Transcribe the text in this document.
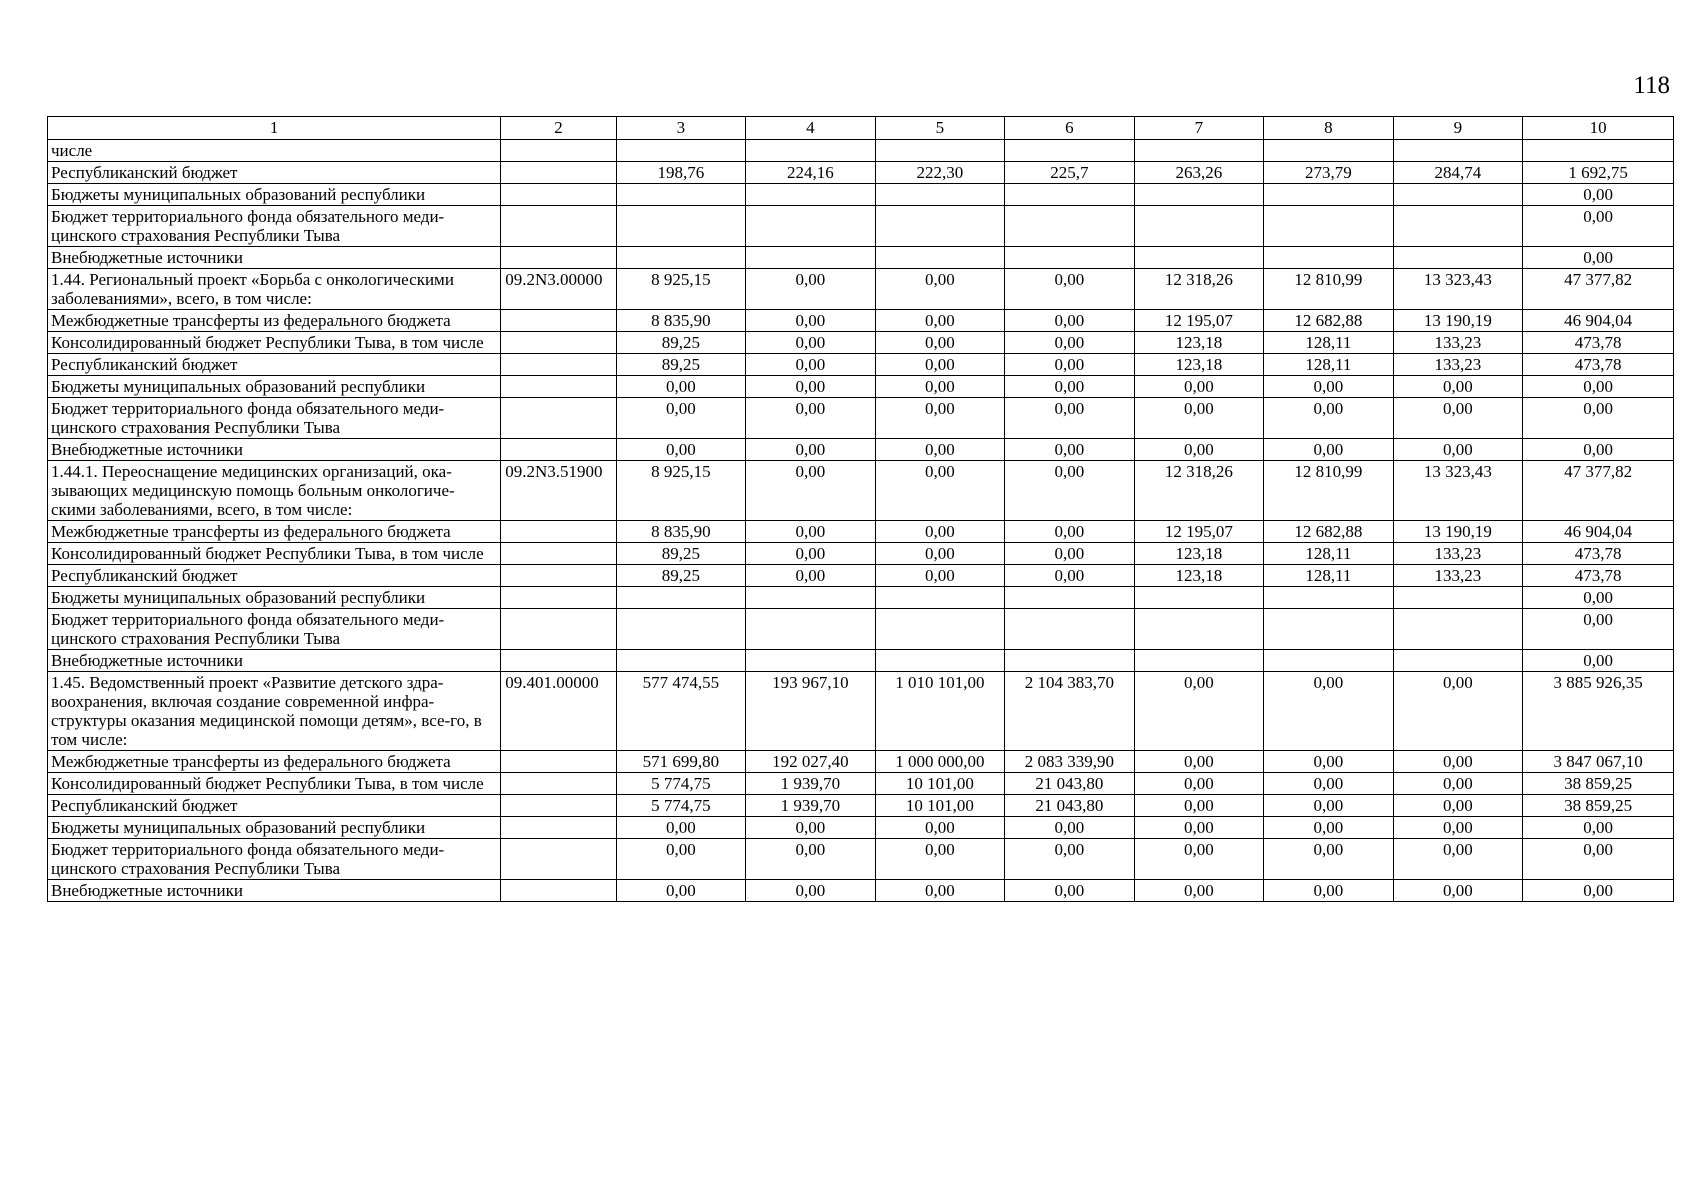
118
1	2	3	4	5	6	7	8	9	10
числе									
Республиканский бюджет		198,76	224,16	222,30	225,7	263,26	273,79	284,74	1 692,75
Бюджеты муниципальных образований республики									0,00
Бюджет территориального фонда обязательного меди-цинского страхования Республики Тыва									0,00
Внебюджетные источники									0,00
1.44. Региональный проект «Борьба с онкологическими заболеваниями», всего, в том числе:	09.2N3.00000	8 925,15	0,00	0,00	0,00	12 318,26	12 810,99	13 323,43	47 377,82
Межбюджетные трансферты из федерального бюджета		8 835,90	0,00	0,00	0,00	12 195,07	12 682,88	13 190,19	46 904,04
Консолидированный бюджет Республики Тыва, в том числе		89,25	0,00	0,00	0,00	123,18	128,11	133,23	473,78
Республиканский бюджет		89,25	0,00	0,00	0,00	123,18	128,11	133,23	473,78
Бюджеты муниципальных образований республики		0,00	0,00	0,00	0,00	0,00	0,00	0,00	0,00
Бюджет территориального фонда обязательного меди-цинского страхования Республики Тыва		0,00	0,00	0,00	0,00	0,00	0,00	0,00	0,00
Внебюджетные источники		0,00	0,00	0,00	0,00	0,00	0,00	0,00	0,00
1.44.1. Переоснащение медицинских организаций, ока-зывающих медицинскую помощь больным онкологиче-скими заболеваниями, всего, в том числе:	09.2N3.51900	8 925,15	0,00	0,00	0,00	12 318,26	12 810,99	13 323,43	47 377,82
Межбюджетные трансферты из федерального бюджета		8 835,90	0,00	0,00	0,00	12 195,07	12 682,88	13 190,19	46 904,04
Консолидированный бюджет Республики Тыва, в том числе		89,25	0,00	0,00	0,00	123,18	128,11	133,23	473,78
Республиканский бюджет		89,25	0,00	0,00	0,00	123,18	128,11	133,23	473,78
Бюджеты муниципальных образований республики									0,00
Бюджет территориального фонда обязательного меди-цинского страхования Республики Тыва									0,00
Внебюджетные источники									0,00
1.45. Ведомственный проект «Развитие детского здра-воохранения, включая создание современной инфра-структуры оказания медицинской помощи детям», все-го, в том числе:	09.401.00000	577 474,55	193 967,10	1 010 101,00	2 104 383,70	0,00	0,00	0,00	3 885 926,35
Межбюджетные трансферты из федерального бюджета		571 699,80	192 027,40	1 000 000,00	2 083 339,90	0,00	0,00	0,00	3 847 067,10
Консолидированный бюджет Республики Тыва, в том числе		5 774,75	1 939,70	10 101,00	21 043,80	0,00	0,00	0,00	38 859,25
Республиканский бюджет		5 774,75	1 939,70	10 101,00	21 043,80	0,00	0,00	0,00	38 859,25
Бюджеты муниципальных образований республики		0,00	0,00	0,00	0,00	0,00	0,00	0,00	0,00
Бюджет территориального фонда обязательного меди-цинского страхования Республики Тыва		0,00	0,00	0,00	0,00	0,00	0,00	0,00	0,00
Внебюджетные источники		0,00	0,00	0,00	0,00	0,00	0,00	0,00	0,00
